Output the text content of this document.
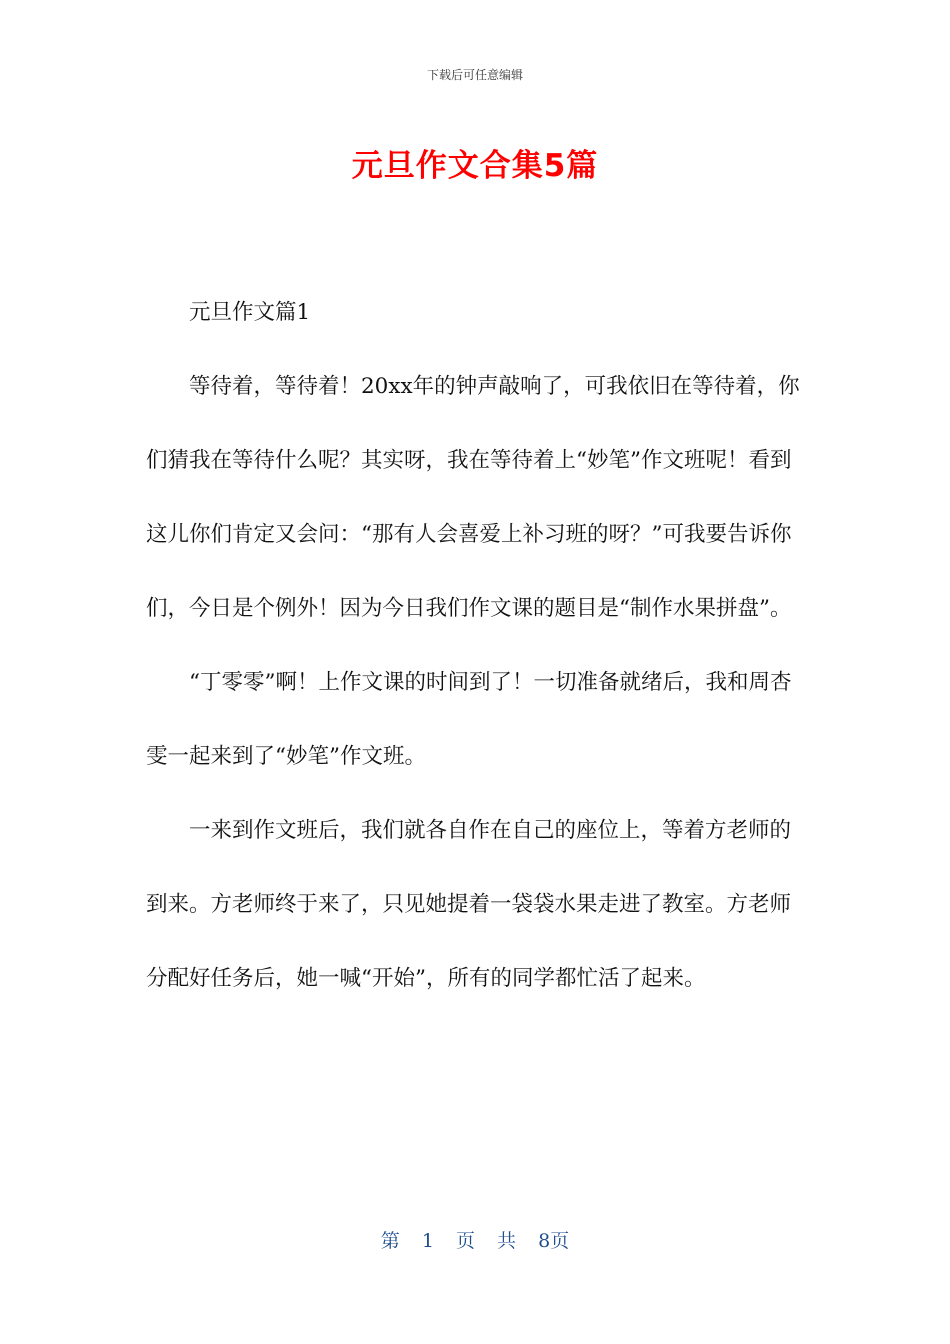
下载后可任意编辑
元旦作文合集5篇

元旦作文篇1

等待着，等待着！20xx年的钟声敲响了，可我依旧在等待着，你们猜我在等待什么呢？其实呀，我在等待着上“妙笔”作文班呢！看到这儿你们肯定又会问：“那有人会喜爱上补习班的呀？”可我要告诉你们，今日是个例外！因为今日我们作文课的题目是“制作水果拼盘”。

“丁零零”啊！上作文课的时间到了！一切准备就绪后，我和周杏雯一起来到了“妙笔”作文班。

一来到作文班后，我们就各自作在自己的座位上，等着方老师的到来。方老师终于来了，只见她提着一袋袋水果走进了教室。方老师分配好任务后，她一喊“开始”，所有的同学都忙活了起来。

第 1 页 共 8页
